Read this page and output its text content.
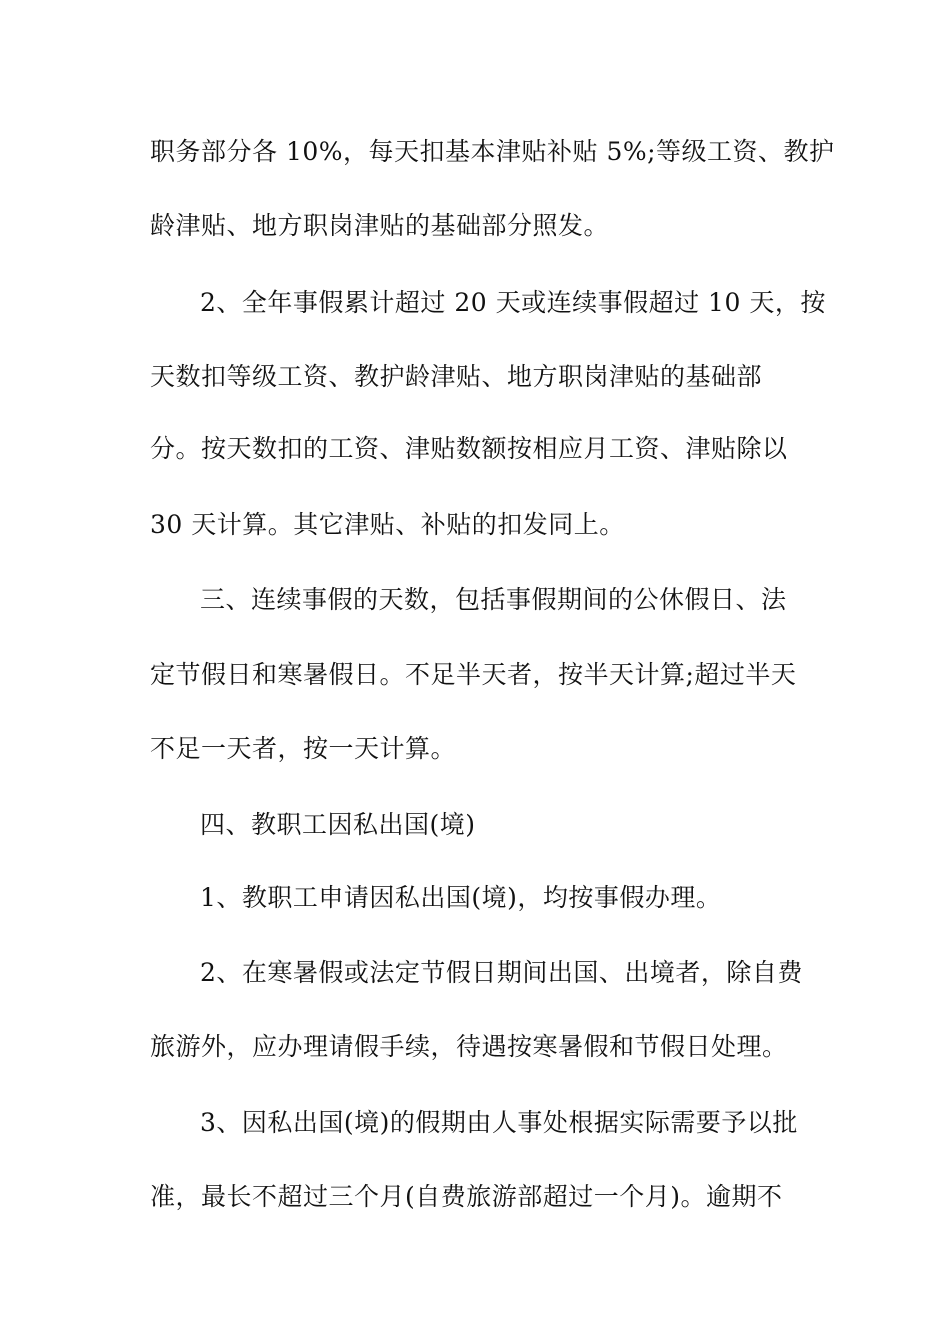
职务部分各 10%，每天扣基本津贴补贴 5%;等级工资、教护
龄津贴、地方职岗津贴的基础部分照发。
2、全年事假累计超过 20 天或连续事假超过 10 天，按
天数扣等级工资、教护龄津贴、地方职岗津贴的基础部
分。按天数扣的工资、津贴数额按相应月工资、津贴除以
30 天计算。其它津贴、补贴的扣发同上。
三、连续事假的天数，包括事假期间的公休假日、法
定节假日和寒暑假日。不足半天者，按半天计算;超过半天
不足一天者，按一天计算。
四、教职工因私出国(境)
1、教职工申请因私出国(境)，均按事假办理。
2、在寒暑假或法定节假日期间出国、出境者，除自费
旅游外，应办理请假手续，待遇按寒暑假和节假日处理。
3、因私出国(境)的假期由人事处根据实际需要予以批
准，最长不超过三个月(自费旅游部超过一个月)。逾期不
